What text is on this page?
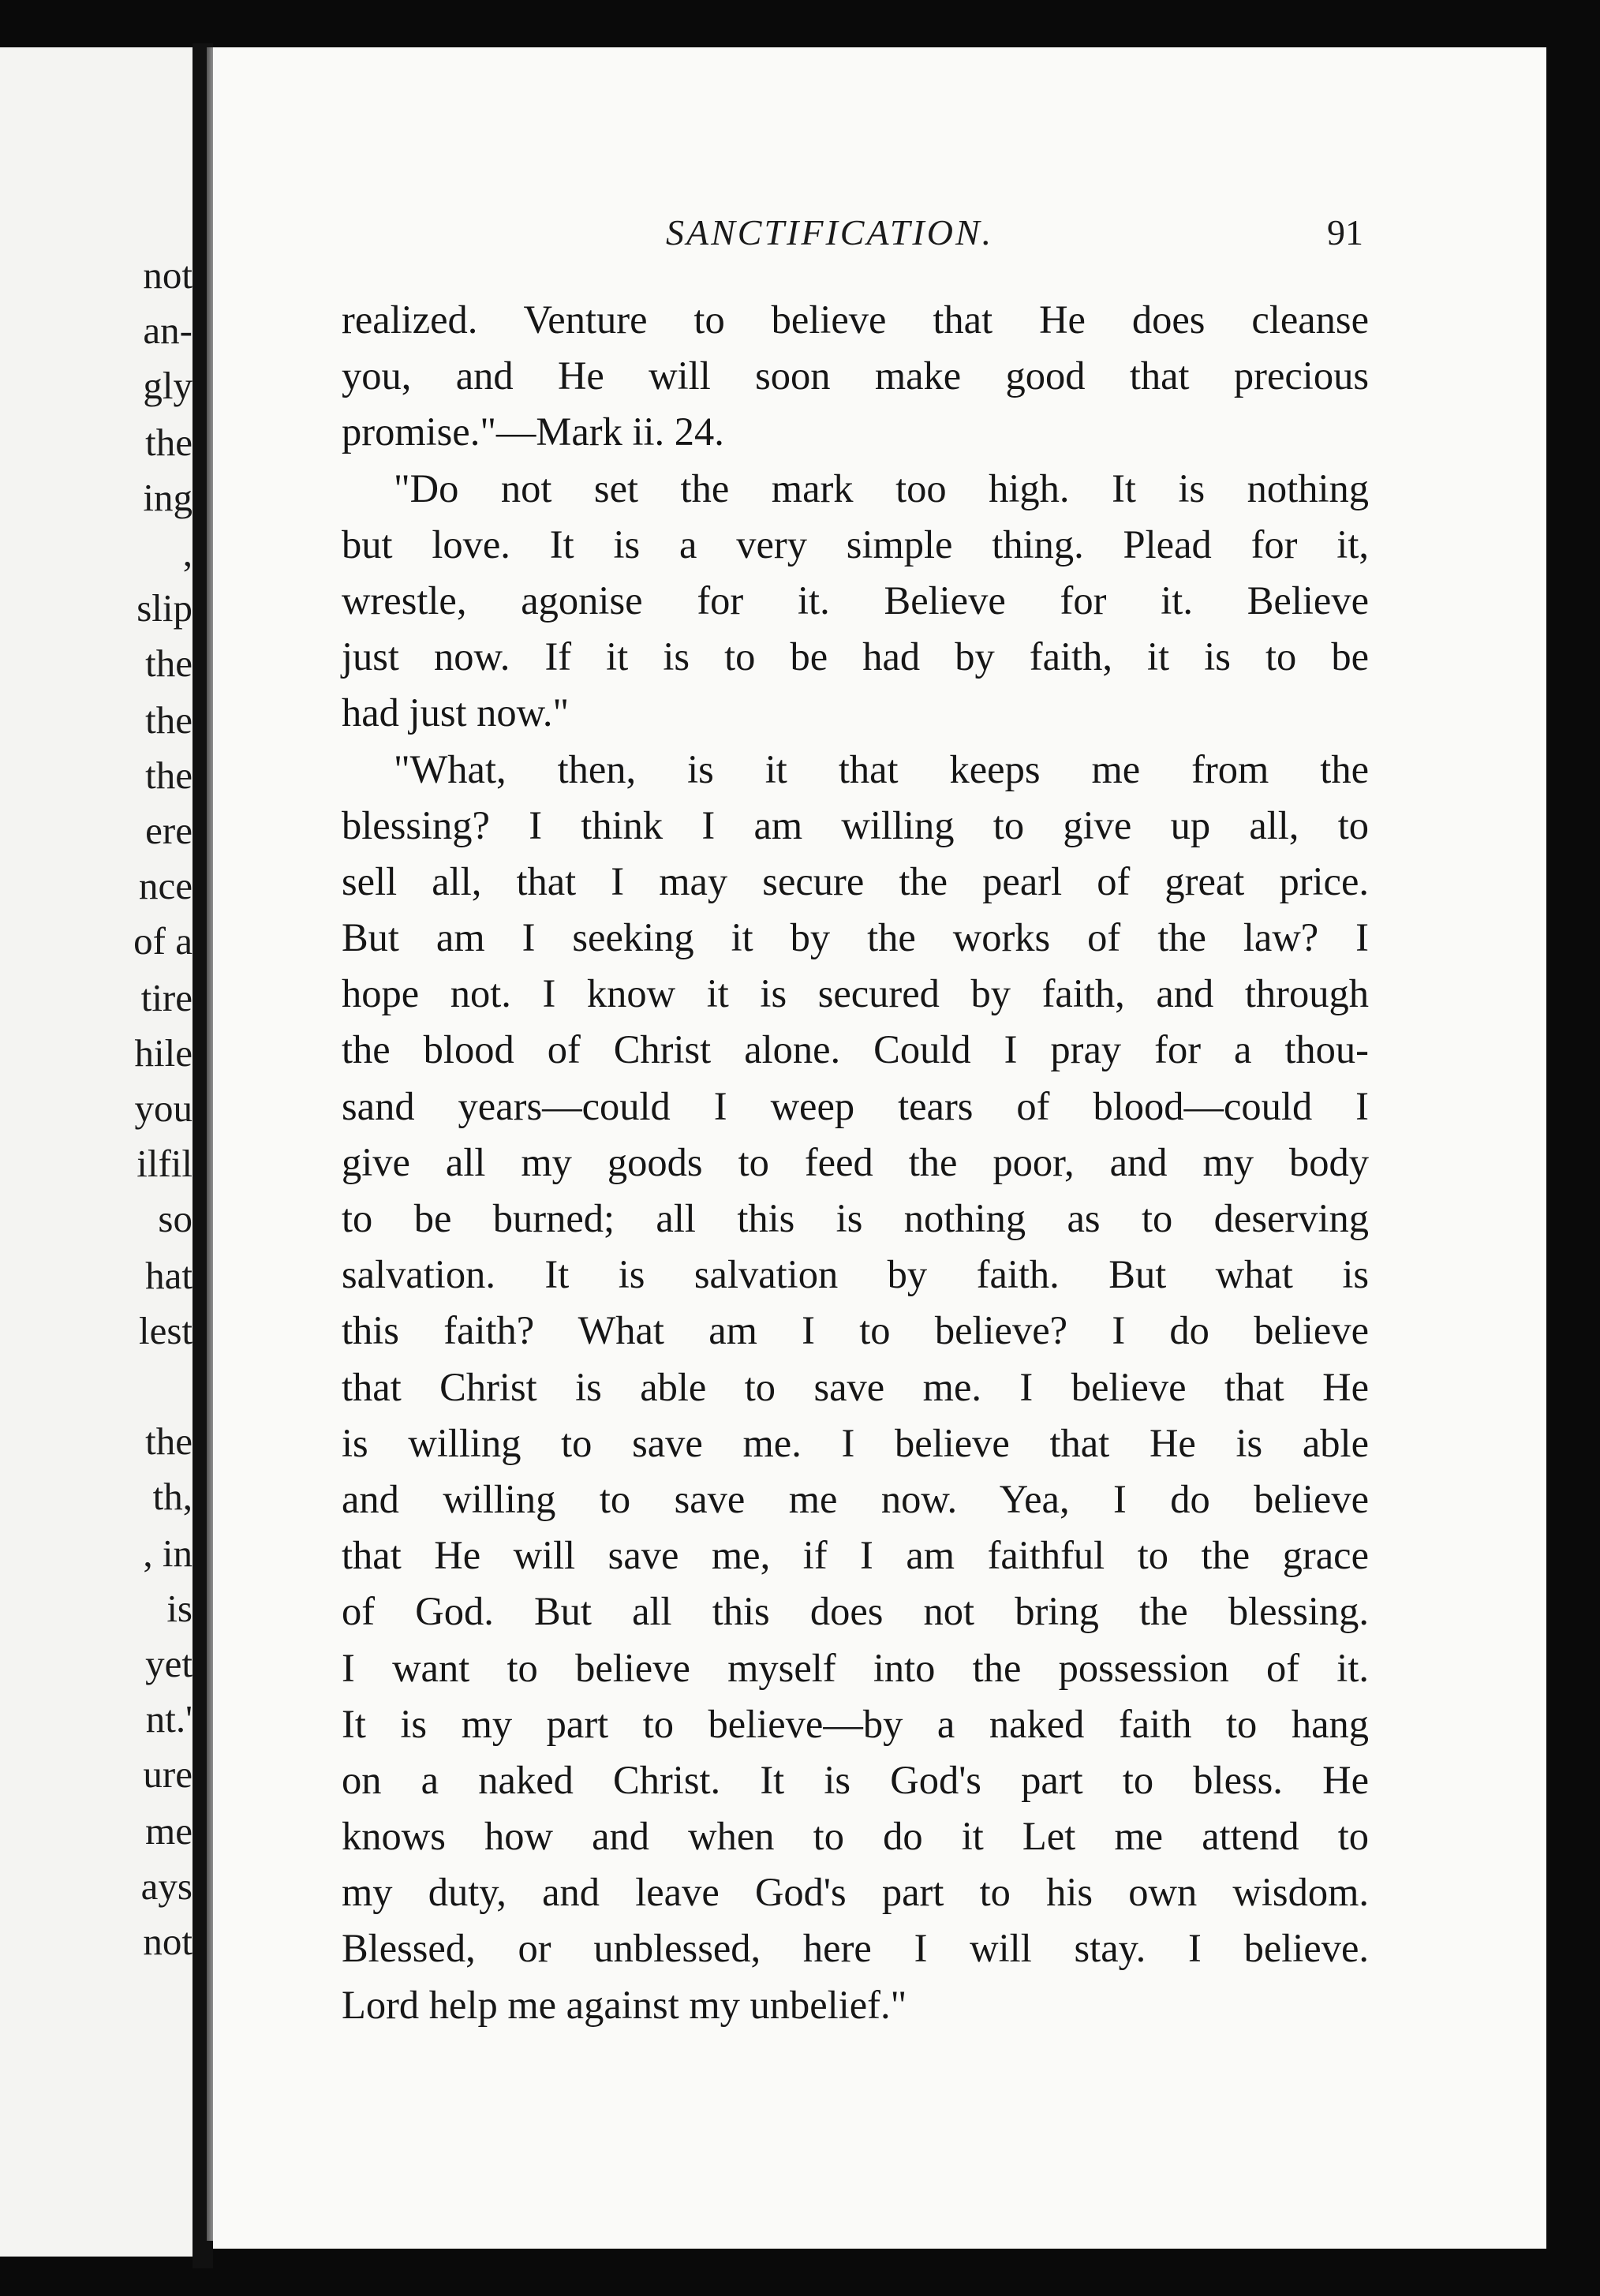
not
an-
gly
the
ing
,
slip
the
the
the
ere
nce
of a
tire
hile
you
ilfil
so
hat
lest
the
th,
, in
is
yet
nt.'
ure
me
ays
not
SANCTIFICATION.	91
realized. Venture to believe that He does cleanse
you, and He will soon make good that precious
promise."—Mark ii. 24.
"Do not set the mark too high. It is nothing
but love. It is a very simple thing. Plead for it,
wrestle, agonise for it. Believe for it. Believe
just now. If it is to be had by faith, it is to be
had just now."
"What, then, is it that keeps me from the
blessing? I think I am willing to give up all, to
sell all, that I may secure the pearl of great price.
But am I seeking it by the works of the law? I
hope not. I know it is secured by faith, and through
the blood of Christ alone. Could I pray for a thou-
sand years—could I weep tears of blood—could I
give all my goods to feed the poor, and my body
to be burned; all this is nothing as to deserving
salvation. It is salvation by faith. But what is
this faith? What am I to believe? I do believe
that Christ is able to save me. I believe that He
is willing to save me. I believe that He is able
and willing to save me now. Yea, I do believe
that He will save me, if I am faithful to the grace
of God. But all this does not bring the blessing.
I want to believe myself into the possession of it.
It is my part to believe—by a naked faith to hang
on a naked Christ. It is God's part to bless. He
knows how and when to do it Let me attend to
my duty, and leave God's part to his own wisdom.
Blessed, or unblessed, here I will stay. I believe.
Lord help me against my unbelief."
